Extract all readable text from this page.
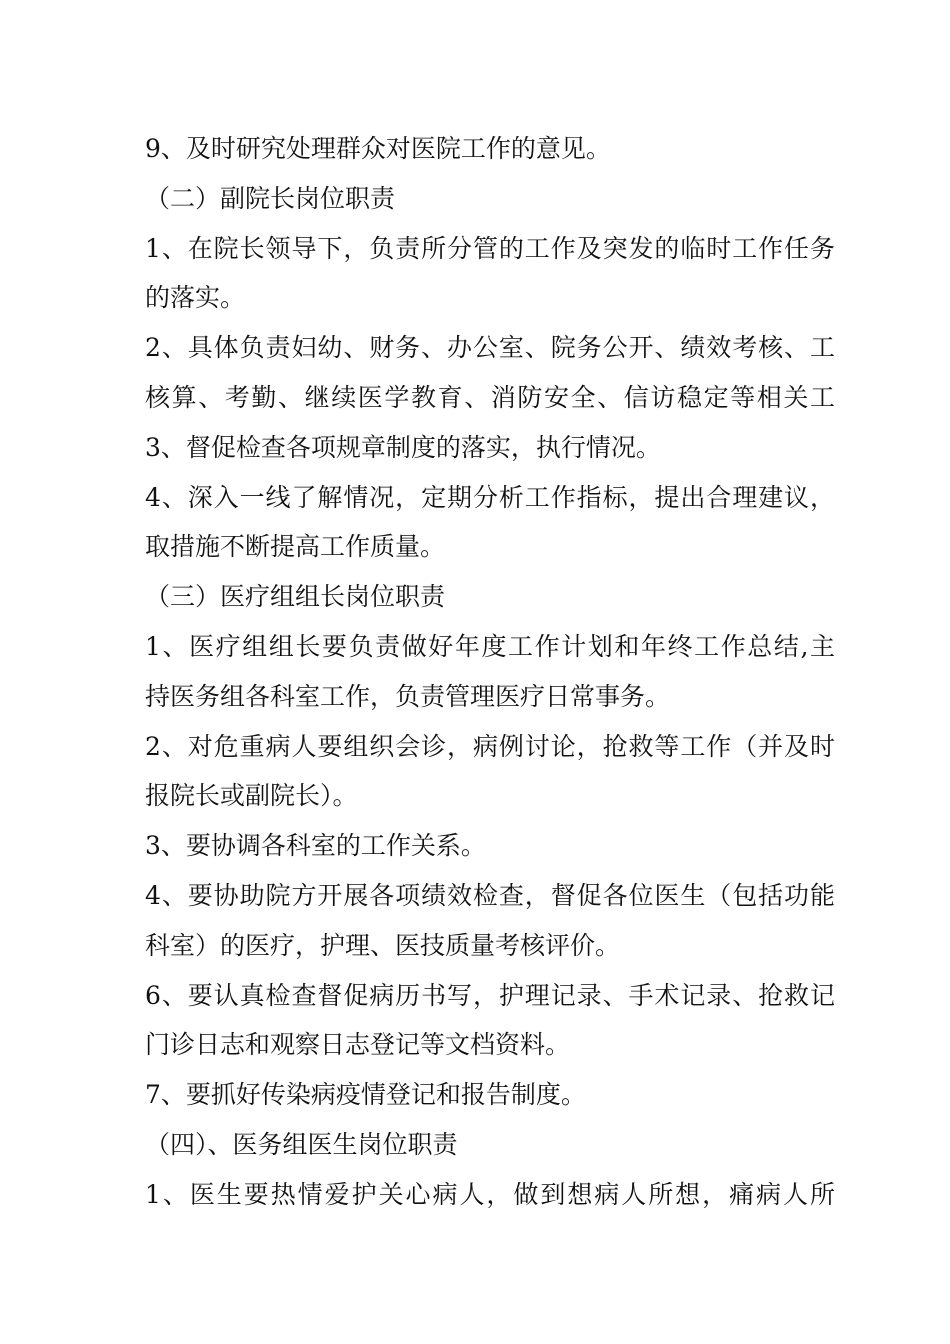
9、及时研究处理群众对医院工作的意见。
（二）副院长岗位职责
1、在院长领导下，负责所分管的工作及突发的临时工作任务
的落实。
2、具体负责妇幼、财务、办公室、院务公开、绩效考核、工
核算、考勤、继续医学教育、消防安全、信访稳定等相关工
3、督促检查各项规章制度的落实，执行情况。
4、深入一线了解情况，定期分析工作指标，提出合理建议，
取措施不断提高工作质量。
（三）医疗组组长岗位职责
1、医疗组组长要负责做好年度工作计划和年终工作总结,主
持医务组各科室工作，负责管理医疗日常事务。
2、对危重病人要组织会诊，病例讨论，抢救等工作（并及时
报院长或副院长）。
3、要协调各科室的工作关系。
4、要协助院方开展各项绩效检查，督促各位医生（包括功能
科室）的医疗，护理、医技质量考核评价。
6、要认真检查督促病历书写，护理记录、手术记录、抢救记
门诊日志和观察日志登记等文档资料。
7、要抓好传染病疫情登记和报告制度。
（四）、医务组医生岗位职责
1、医生要热情爱护关心病人，做到想病人所想，痛病人所
